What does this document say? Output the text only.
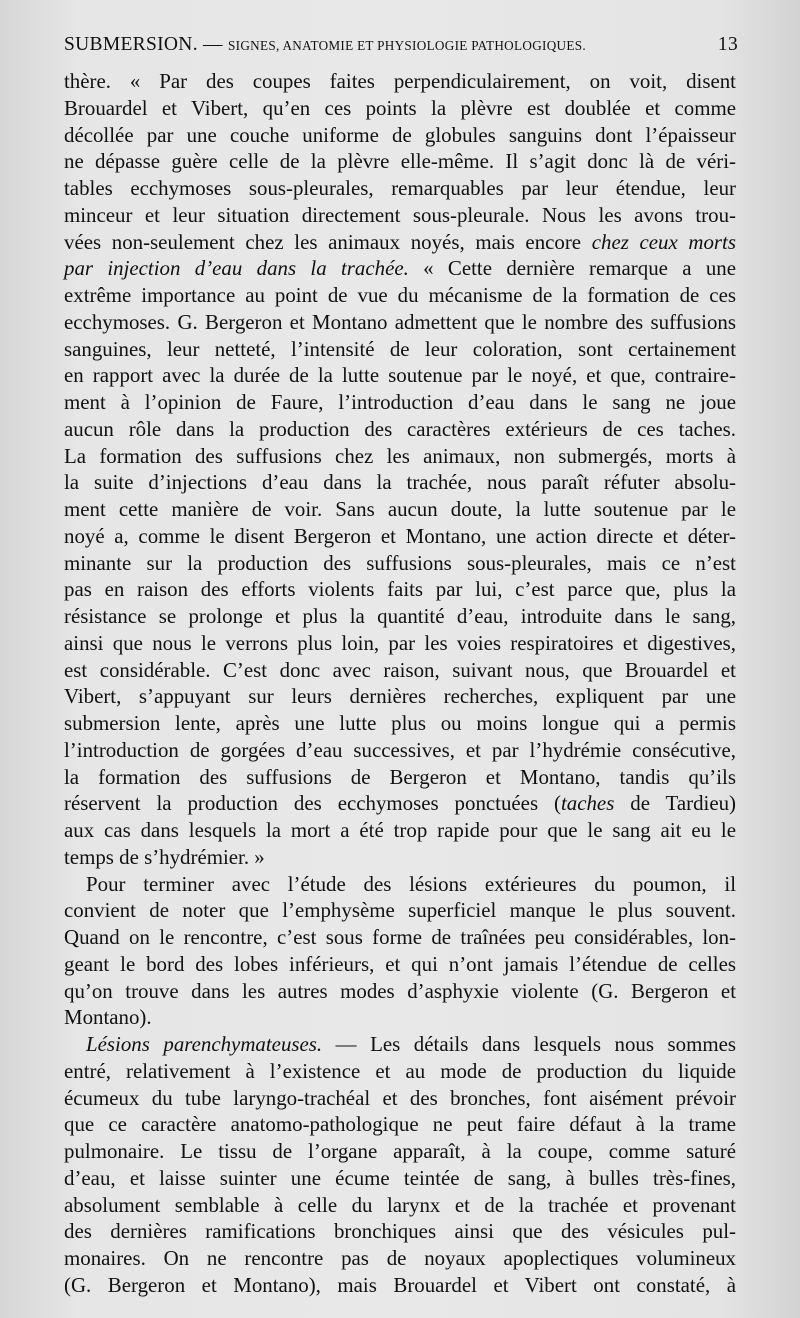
SUBMERSION. — SIGNES, ANATOMIE ET PHYSIOLOGIE PATHOLOGIQUES.	13

thère. « Par des coupes faites perpendiculairement, on voit, disent

Brouardel et Vibert, qu’en ces points la plèvre est doublée et comme

décollée par une couche uniforme de globules sanguins dont l’épaisseur

ne dépasse guère celle de la plèvre elle-même. Il s’agit donc là de véri-

tables ecchymoses sous-pleurales, remarquables par leur étendue, leur

minceur et leur situation directement sous-pleurale. Nous les avons trou-

vées non-seulement chez les animaux noyés, mais encore chez ceux morts

par injection d’eau dans la trachée. « Cette dernière remarque a une

extrême importance au point de vue du mécanisme de la formation de ces

ecchymoses. G. Bergeron et Montano admettent que le nombre des suffusions

sanguines, leur netteté, l’intensité de leur coloration, sont certainement

en rapport avec la durée de la lutte soutenue par le noyé, et que, contraire-

ment à l’opinion de Faure, l’introduction d’eau dans le sang ne joue

aucun rôle dans la production des caractères extérieurs de ces taches.

La formation des suffusions chez les animaux, non submergés, morts à

la suite d’injections d’eau dans la trachée, nous paraît réfuter absolu-

ment cette manière de voir. Sans aucun doute, la lutte soutenue par le

noyé a, comme le disent Bergeron et Montano, une action directe et déter-

minante sur la production des suffusions sous-pleurales, mais ce n’est

pas en raison des efforts violents faits par lui, c’est parce que, plus la

résistance se prolonge et plus la quantité d’eau, introduite dans le sang,

ainsi que nous le verrons plus loin, par les voies respiratoires et digestives,

est considérable. C’est donc avec raison, suivant nous, que Brouardel et

Vibert, s’appuyant sur leurs dernières recherches, expliquent par une

submersion lente, après une lutte plus ou moins longue qui a permis

l’introduction de gorgées d’eau successives, et par l’hydrémie consécutive,

la formation des suffusions de Bergeron et Montano, tandis qu’ils

réservent la production des ecchymoses ponctuées (taches de Tardieu)

aux cas dans lesquels la mort a été trop rapide pour que le sang ait eu le

temps de s’hydrémier. »

Pour terminer avec l’étude des lésions extérieures du poumon, il

convient de noter que l’emphysème superficiel manque le plus souvent.

Quand on le rencontre, c’est sous forme de traînées peu considérables, lon-

geant le bord des lobes inférieurs, et qui n’ont jamais l’étendue de celles

qu’on trouve dans les autres modes d’asphyxie violente (G. Bergeron et

Montano).

Lésions parenchymateuses. — Les détails dans lesquels nous sommes

entré, relativement à l’existence et au mode de production du liquide

écumeux du tube laryngo-trachéal et des bronches, font aisément prévoir

que ce caractère anatomo-pathologique ne peut faire défaut à la trame

pulmonaire. Le tissu de l’organe apparaît, à la coupe, comme saturé

d’eau, et laisse suinter une écume teintée de sang, à bulles très-fines,

absolument semblable à celle du larynx et de la trachée et provenant

des dernières ramifications bronchiques ainsi que des vésicules pul-

monaires. On ne rencontre pas de noyaux apoplectiques volumineux

(G. Bergeron et Montano), mais Brouardel et Vibert ont constaté, à
